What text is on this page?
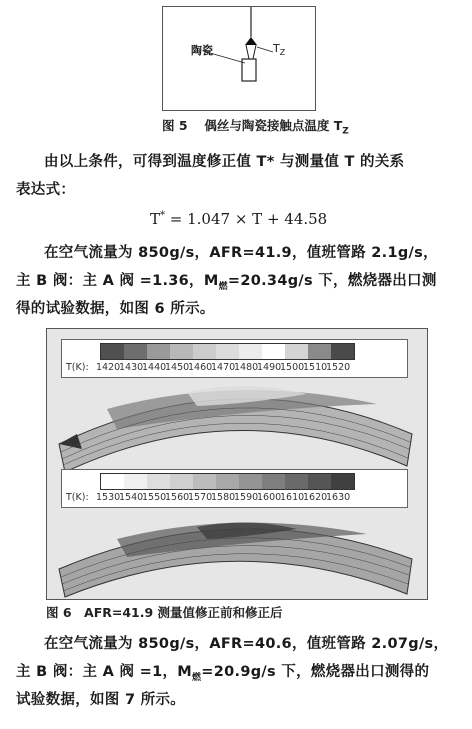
陶瓷	$T_Z$
图 5　 偶丝与陶瓷接触点温度 $T_Z$
由以上条件，可得到温度修正值 T* 与测量值 T 的关系
表达式：
T* = 1.047 × T + 44.58
在空气流量为 850g/s，AFR=41.9，值班管路 2.1g/s，
主 B 阀：主 A 阀 =1.36，$M_燃=20.34g/s$ 下，燃烧器出口测
得的试验数据，如图 6 所示。
T(K): 1420
1430
1440
1450
1460
1470
1480
1490
1500
1510
1520
T(K): 1530
1540
1550
1560
1570
1580
1590
1600
1610
1620
1630
图 6　AFR=41.9 测量值修正前和修正后
在空气流量为 850g/s，AFR=40.6，值班管路 2.07g/s，
主 B 阀：主 A 阀 =1，$M_燃=20.9g/s$ 下，燃烧器出口测得的
试验数据，如图 7 所示。
